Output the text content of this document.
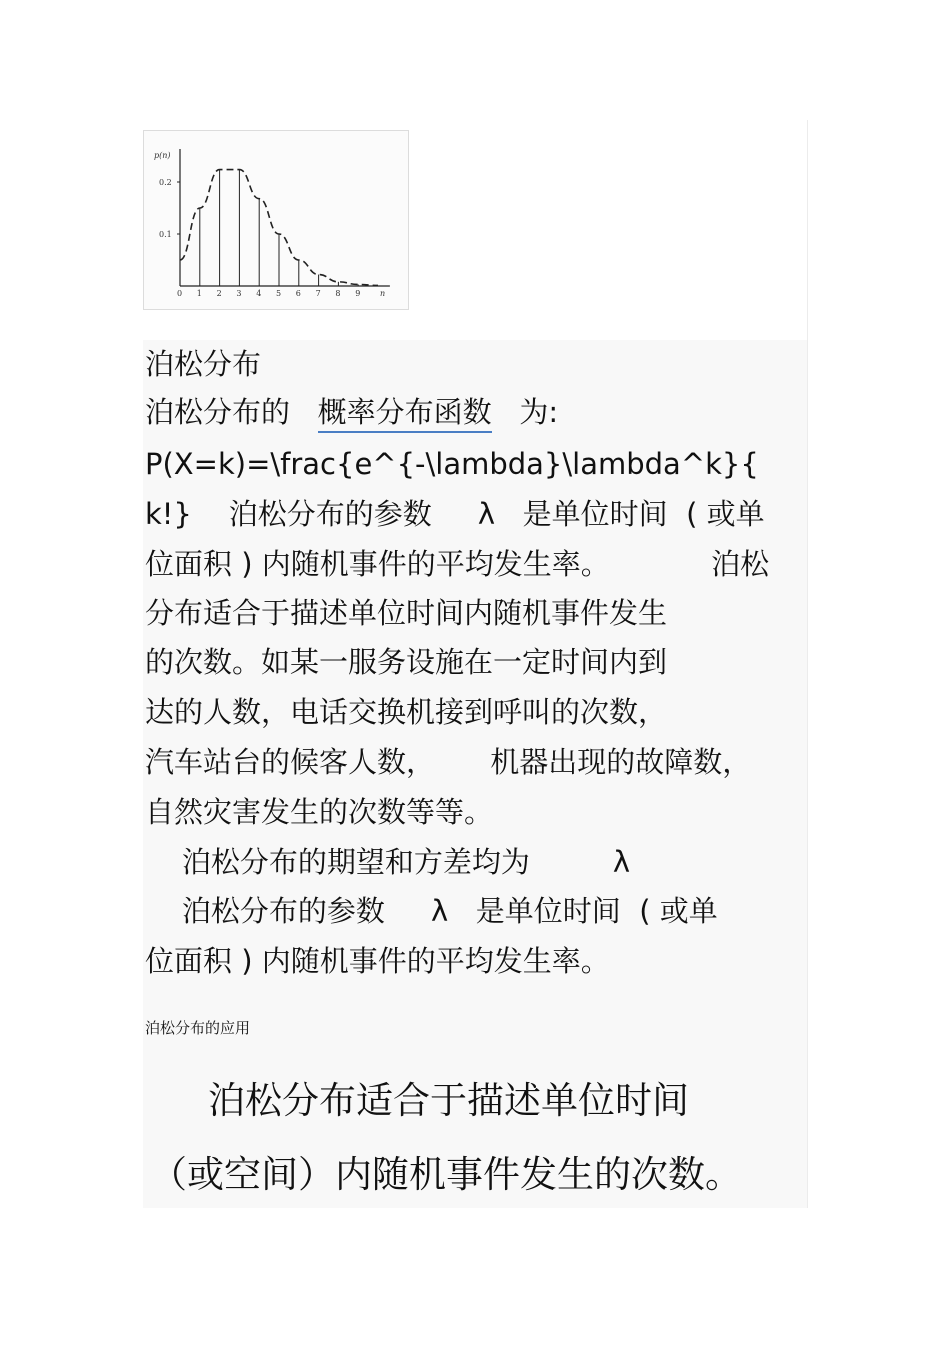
p(n)
0.1
0.2
0 1 2 3 4 5 6 7 8 9 n
泊松分布
泊松分布的 概率分布函数 为:
P(X=k)=\frac{e^{-\lambda}\lambda^k}{
k!}    泊松分布的参数     λ   是单位时间  ( 或单
位面积 ) 内随机事件的平均发生率。           泊松
分布适合于描述单位时间内随机事件发生
的次数。如某一服务设施在一定时间内到
达的人数，电话交换机接到呼叫的次数，
汽车站台的候客人数，      机器出现的故障数，
自然灾害发生的次数等等。
泊松分布的期望和方差均为         λ
泊松分布的参数     λ   是单位时间  ( 或单
位面积 ) 内随机事件的平均发生率。
泊松分布的应用
泊松分布适合于描述单位时间
（或空间）内随机事件发生的次数。
